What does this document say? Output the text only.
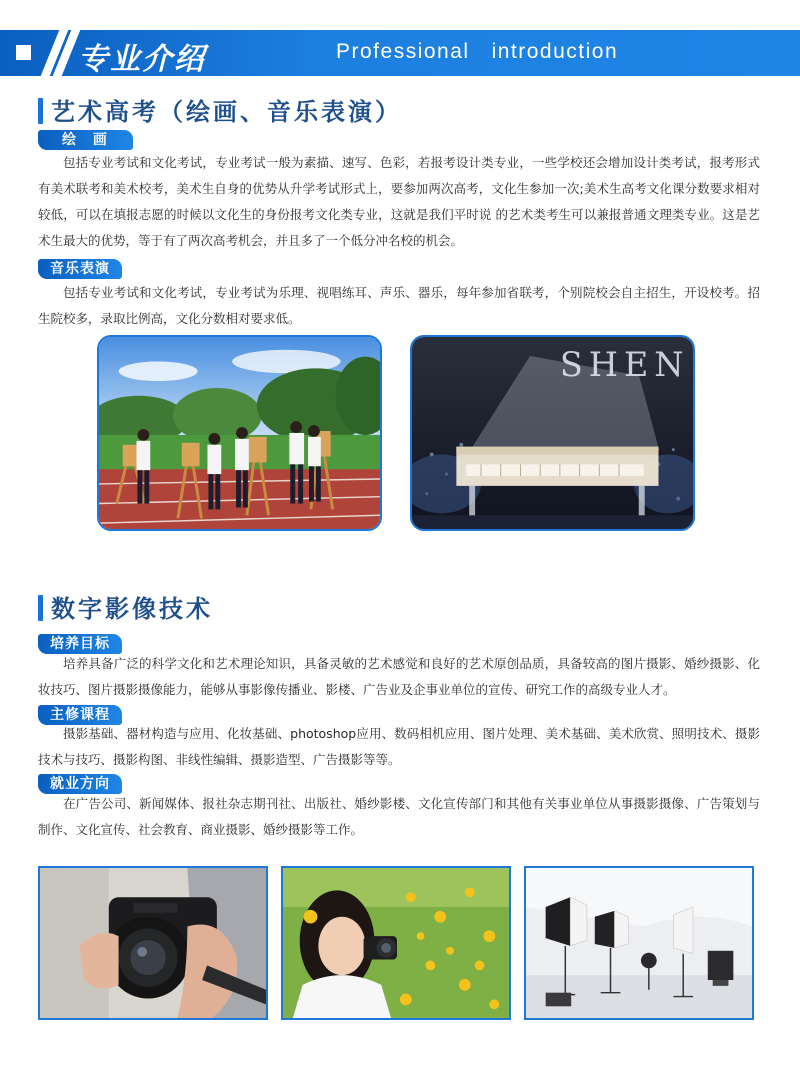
专业介绍	Professional   introduction
艺术高考（绘画、音乐表演）
绘 画
包括专业考试和文化考试，专业考试一般为素描、速写、色彩，若报考设计类专业，一些学校还会增加设计类考试，报考形式有美术联考和美术校考，美术生自身的优势从升学考试形式上，要参加两次高考，文化生参加一次;美术生高考文化课分数要求相对较低，可以在填报志愿的时候以文化生的身份报考文化类专业，这就是我们平时说 的艺术类考生可以兼报普通文理类专业。这是艺术生最大的优势，等于有了两次高考机会，并且多了一个低分冲名校的机会。
音乐表演
包括专业考试和文化考试，专业考试为乐理、视唱练耳、声乐、器乐，每年参加省联考，个别院校会自主招生，开设校考。招生院校多，录取比例高，文化分数相对要求低。
SHEN
数字影像技术
培养目标
培养具备广泛的科学文化和艺术理论知识，具备灵敏的艺术感觉和良好的艺术原创品质，具备较高的图片摄影、婚纱摄影、化妆技巧、图片摄影摄像能力，能够从事影像传播业、影楼、广告业及企事业单位的宣传、研究工作的高级专业人才。
主修课程
摄影基础、器材构造与应用、化妆基础、photoshop应用、数码相机应用、图片处理、美术基础、美术欣赏、照明技术、摄影技术与技巧、摄影构图、非线性编辑、摄影造型、广告摄影等等。
就业方向
在广告公司、新闻媒体、报社杂志期刊社、出版社、婚纱影楼、文化宣传部门和其他有关事业单位从事摄影摄像、广告策划与制作、文化宣传、社会教育、商业摄影、婚纱摄影等工作。
